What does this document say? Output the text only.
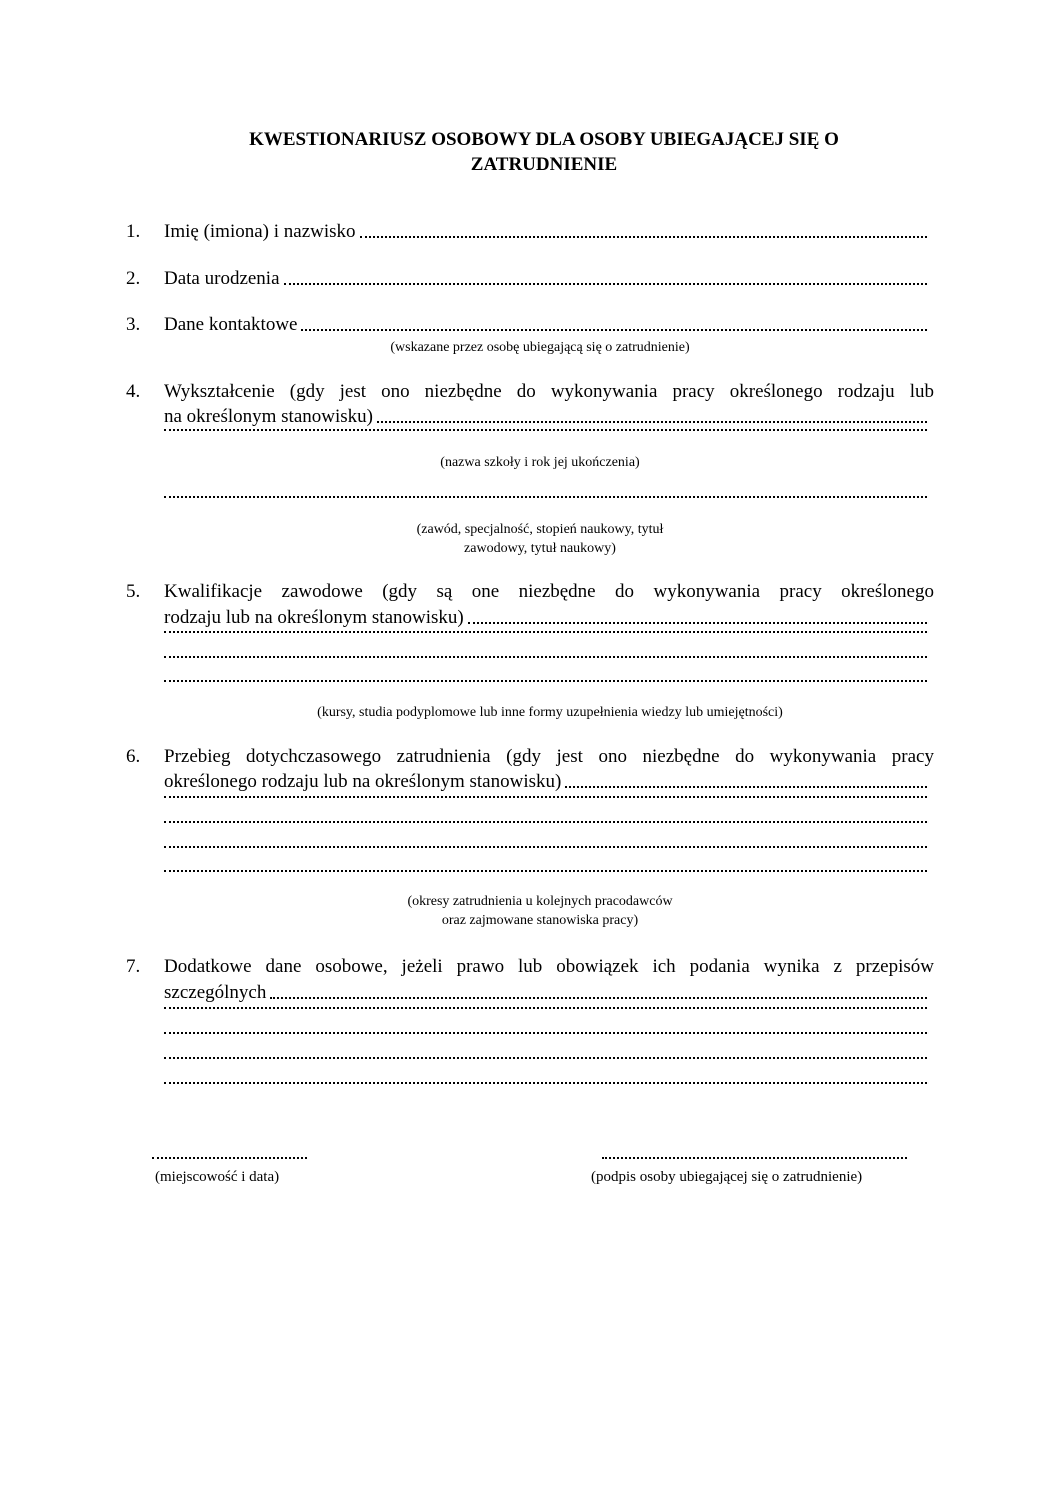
KWESTIONARIUSZ OSOBOWY DLA OSOBY UBIEGAJĄCEJ SIĘ O
ZATRUDNIENIE
1. Imię (imiona) i nazwisko
2. Data urodzenia
3. Dane kontaktowe
(wskazane przez osobę ubiegającą się o zatrudnienie)
4. Wykształcenie (gdy jest ono niezbędne do wykonywania pracy określonego rodzaju lub
na określonym stanowisku)
(nazwa szkoły i rok jej ukończenia)
(zawód, specjalność, stopień naukowy, tytuł
zawodowy, tytuł naukowy)
5. Kwalifikacje zawodowe (gdy są one niezbędne do wykonywania pracy określonego
rodzaju lub na określonym stanowisku)
(kursy, studia podyplomowe lub inne formy uzupełnienia wiedzy lub umiejętności)
6. Przebieg dotychczasowego zatrudnienia (gdy jest ono niezbędne do wykonywania pracy
określonego rodzaju lub na określonym stanowisku)
(okresy zatrudnienia u kolejnych pracodawców
oraz zajmowane stanowiska pracy)
7. Dodatkowe dane osobowe, jeżeli prawo lub obowiązek ich podania wynika z przepisów
szczególnych
(miejscowość i data)	(podpis osoby ubiegającej się o zatrudnienie)
